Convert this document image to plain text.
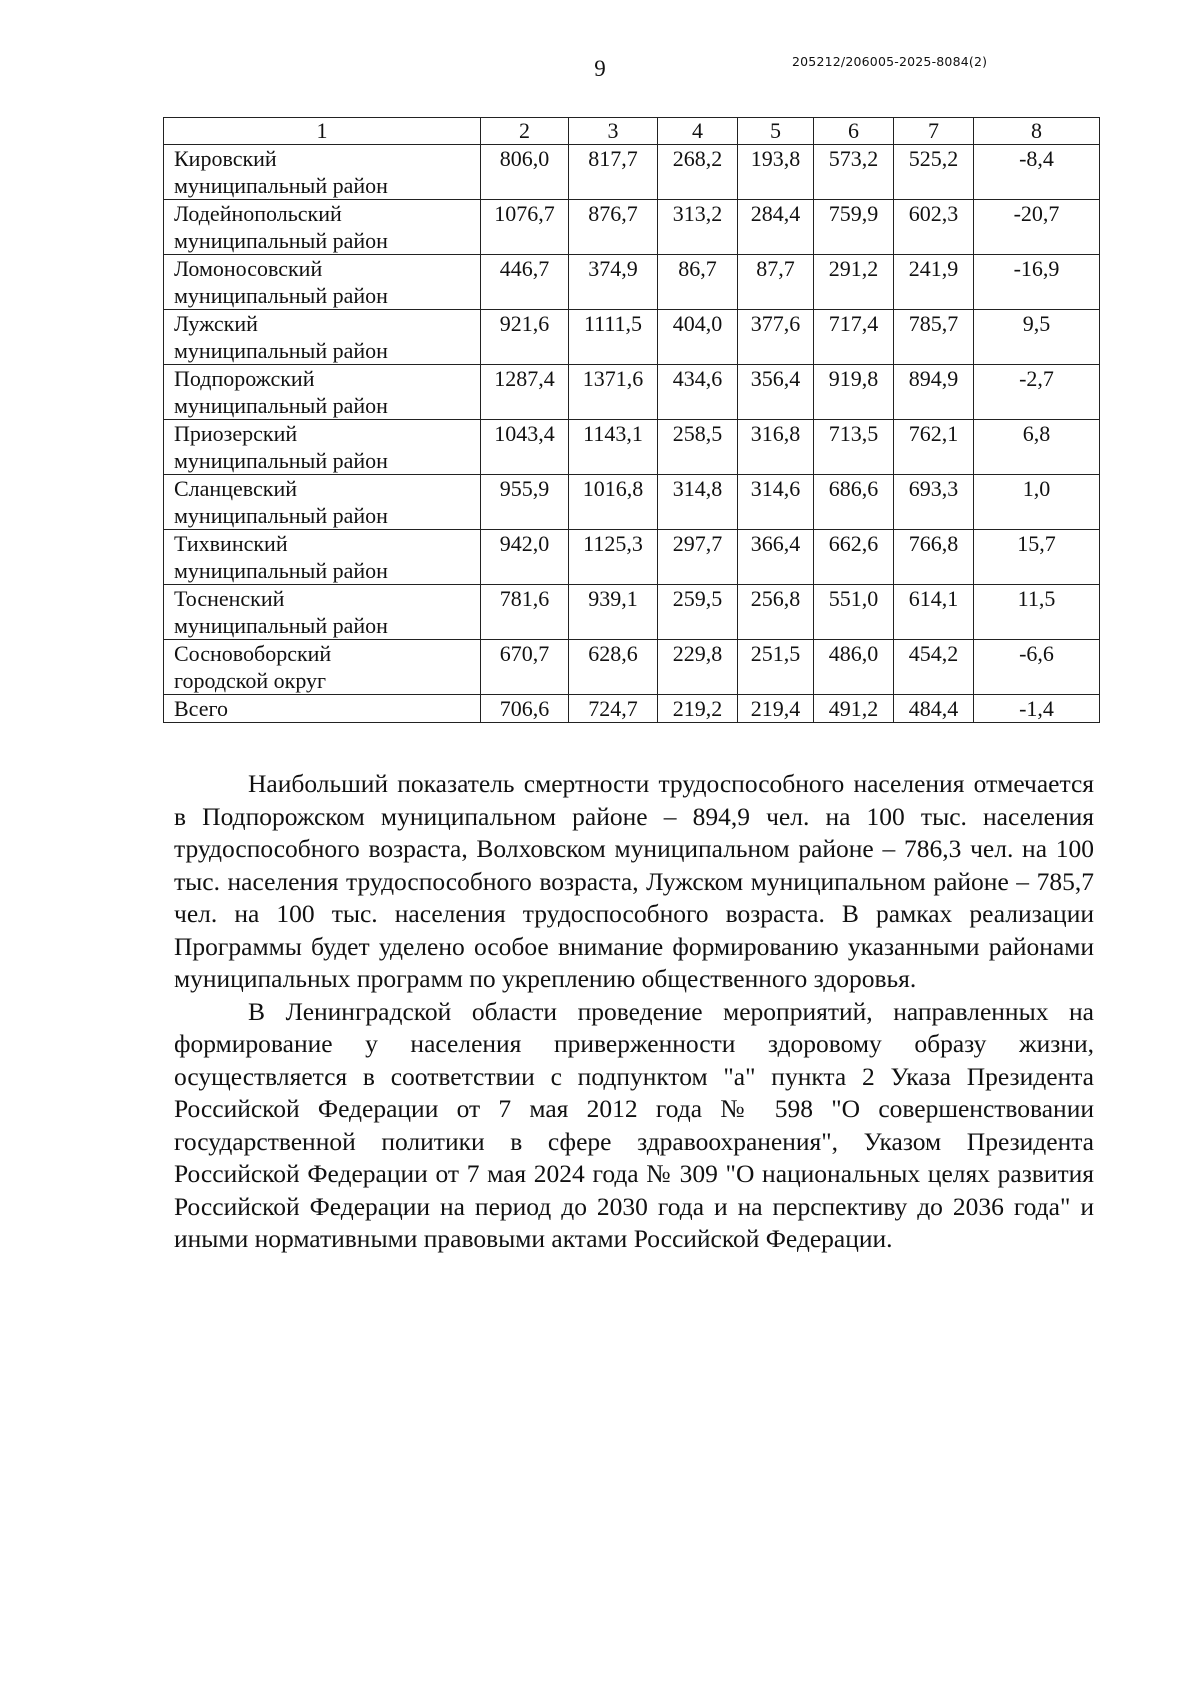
9	205212/206005-2025-8084(2)
1	2	3	4	5	6	7	8

Кировский
муниципальный район	806,0	817,7	268,2	193,8	573,2	525,2	-8,4

Лодейнопольский
муниципальный район	1076,7	876,7	313,2	284,4	759,9	602,3	-20,7

Ломоносовский
муниципальный район	446,7	374,9	86,7	87,7	291,2	241,9	-16,9

Лужский
муниципальный район	921,6	1111,5	404,0	377,6	717,4	785,7	9,5

Подпорожский
муниципальный район	1287,4	1371,6	434,6	356,4	919,8	894,9	-2,7

Приозерский
муниципальный район	1043,4	1143,1	258,5	316,8	713,5	762,1	6,8

Сланцевский
муниципальный район	955,9	1016,8	314,8	314,6	686,6	693,3	1,0

Тихвинский
муниципальный район	942,0	1125,3	297,7	366,4	662,6	766,8	15,7

Тосненский
муниципальный район	781,6	939,1	259,5	256,8	551,0	614,1	11,5

Сосновоборский
городской округ	670,7	628,6	229,8	251,5	486,0	454,2	-6,6
Всего	706,6	724,7	219,2	219,4	491,2	484,4	-1,4

Наибольший показатель смертности трудоспособного населения отмечается в Подпорожском муниципальном районе – 894,9 чел. на 100 тыс. населения трудоспособного возраста, Волховском муниципальном районе – 786,3 чел. на 100 тыс. населения трудоспособного возраста, Лужском муниципальном районе – 785,7 чел. на 100 тыс. населения трудоспособного возраста. В рамках реализации Программы будет уделено особое внимание формированию указанными районами муниципальных программ по укреплению общественного здоровья.

В Ленинградской области проведение мероприятий, направленных на формирование у населения приверженности здоровому образу жизни, осуществляется в соответствии с подпунктом "а" пункта 2 Указа Президента Российской Федерации от 7 мая 2012 года № 598 "О совершенствовании государственной политики в сфере здравоохранения", Указом Президента Российской Федерации от 7 мая 2024 года № 309 "О национальных целях развития Российской Федерации на период до 2030 года и на перспективу до 2036 года" и иными нормативными правовыми актами Российской Федерации.
